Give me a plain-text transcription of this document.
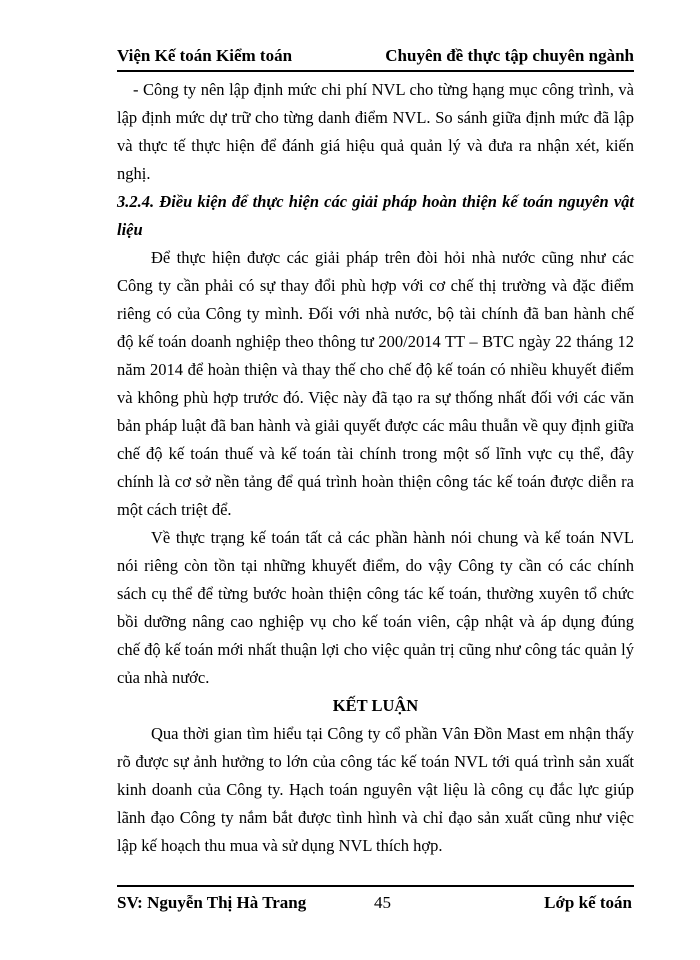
Viện Kế toán Kiểm toán	Chuyên đề thực tập chuyên ngành

- Công ty nên lập định mức chi phí NVL cho từng hạng mục công trình, và lập định mức dự trữ cho từng danh điểm NVL. So sánh giữa định mức đã lập và thực tế thực hiện để đánh giá hiệu quả quản lý và đưa ra nhận xét, kiến nghị.

3.2.4. Điều kiện để thực hiện các giải pháp hoàn thiện kế toán nguyên vật liệu

Để thực hiện được các giải pháp trên đòi hỏi nhà nước cũng như các Công ty cần phải có sự thay đổi phù hợp với cơ chế thị trường và đặc điểm riêng có của Công ty mình. Đối với nhà nước, bộ tài chính đã ban hành chế độ kế toán doanh nghiệp theo thông tư 200/2014 TT – BTC ngày 22 tháng 12 năm 2014 để hoàn thiện và thay thế cho chế độ kế toán có nhiều khuyết điểm và không phù hợp trước đó. Việc này đã tạo ra sự thống nhất đối với các văn bản pháp luật đã ban hành và giải quyết được các mâu thuẫn về quy định giữa chế độ kế toán thuế và kế toán tài chính trong một số lĩnh vực cụ thể, đây chính là cơ sở nền tảng để quá trình hoàn thiện công tác kế toán được diễn ra một cách triệt để.

Về thực trạng kế toán tất cả các phần hành nói chung và kế toán NVL nói riêng còn tồn tại những khuyết điểm, do vậy Công ty cần có các chính sách cụ thể để từng bước hoàn thiện công tác kế toán, thường xuyên tổ chức bồi dưỡng nâng cao nghiệp vụ cho kế toán viên, cập nhật và áp dụng đúng chế độ kế toán mới nhất thuận lợi cho việc quản trị cũng như công tác quản lý của nhà nước.

KẾT LUẬN

Qua thời gian tìm hiểu tại Công ty cổ phần Vân Đồn Mast em nhận thấy rõ được sự ảnh hưởng to lớn của công tác kế toán NVL tới quá trình sản xuất kinh doanh của Công ty. Hạch toán nguyên vật liệu là công cụ đắc lực giúp lãnh đạo Công ty nắm bắt được tình hình và chỉ đạo sản xuất cũng như việc lập kế hoạch thu mua và sử dụng NVL thích hợp.

SV: Nguyễn Thị Hà Trang	45	Lớp kế toán
